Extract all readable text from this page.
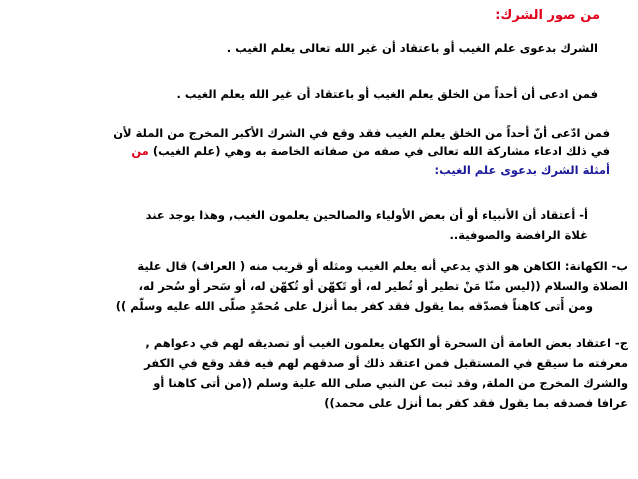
من صور الشرك:
الشرك بدعوى علم الغيب أو باعتقاد أن غير الله تعالى يعلم الغيب .
فمن ادعى أن أحداً من الخلق يعلم الغيب أو باعتقاد أن غير الله يعلم الغيب .
فمن ادّعى أنّ أحداً من الخلق يعلم الغيب فقد وقع في الشرك الأكبر المخرج من الملة لأن
في ذلك ادعاء مشاركة الله تعالى في صفه من صفاته الخاصة به وهي (علم الغيب) من
أمثلة الشرك بدعوى علم الغيب:
أ- أعتقاد أن الأنبياء أو أن بعض الأولياء والصالحين يعلمون الغيب, وهذا يوجد عند
غلاة الرافضة والصوفية..
ب- الكهانة: الكاهن هو الذي يدعي أنه يعلم الغيب ومثله أو قريب منه ( العراف) قال علية
الصلاة والسلام ((ليس منّا مَنْ تطير أو تُطير له، أو تَكهّن أو تُكهّن له، أو سَحر أو سُحر له،
ومن أَتى كاهناً فصدّقه بما يقول فقد كفر بما أنزل على مُحمّدٍ صلّى الله عليه وسلّم ))
ج- اعتقاد بعض العامة أن السحرة أو الكهان يعلمون الغيب أو تصديقه لهم في دعواهم ,
معرفته ما سيقع في المستقبل فمن اعتقد ذلك أو صدقهم لهم فيه فقد وقع في الكفر
والشرك المخرج من الملة, وقد ثبت عن النبي صلى الله علية وسلم ((من أتى كاهنا أو
عرافا فصدقه بما يقول فقد كفر بما أنزل على محمد))
